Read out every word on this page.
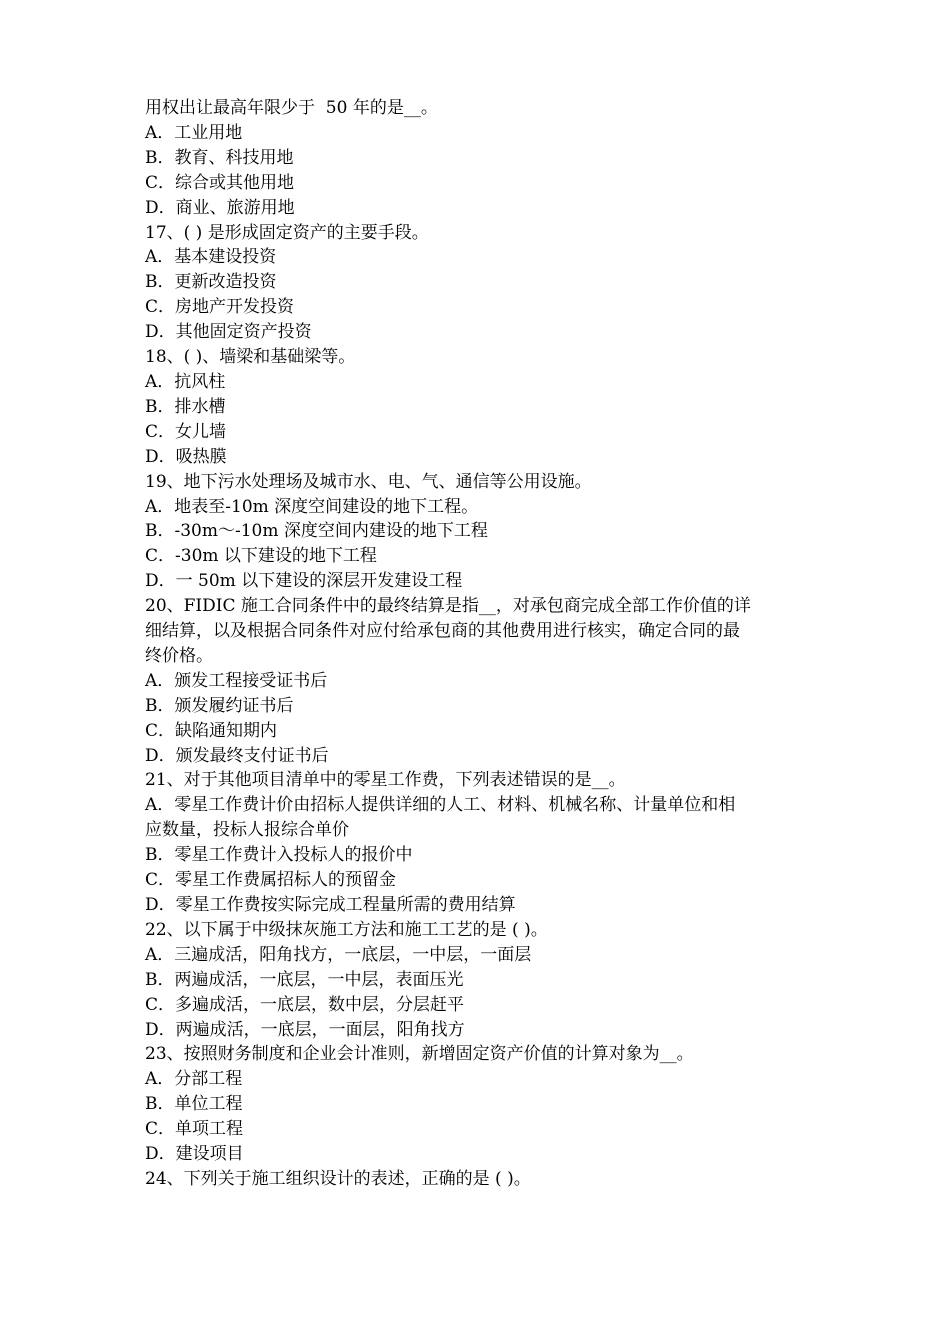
用权出让最高年限少于  50 年的是__。
A．工业用地
B．教育、科技用地
C．综合或其他用地
D．商业、旅游用地
17、( ) 是形成固定资产的主要手段。
A．基本建设投资
B．更新改造投资
C．房地产开发投资
D．其他固定资产投资
18、( )、墙梁和基础梁等。
A．抗风柱
B．排水槽
C．女儿墙
D．吸热膜
19、地下污水处理场及城市水、电、气、通信等公用设施。
A．地表至-10m 深度空间建设的地下工程。
B．-30m～-10m 深度空间内建设的地下工程
C．-30m 以下建设的地下工程
D．一 50m 以下建设的深层开发建设工程
20、FIDIC 施工合同条件中的最终结算是指__，对承包商完成全部工作价值的详
细结算，以及根据合同条件对应付给承包商的其他费用进行核实，确定合同的最
终价格。
A．颁发工程接受证书后
B．颁发履约证书后
C．缺陷通知期内
D．颁发最终支付证书后
21、对于其他项目清单中的零星工作费，下列表述错误的是__。
A．零星工作费计价由招标人提供详细的人工、材料、机械名称、计量单位和相
应数量，投标人报综合单价
B．零星工作费计入投标人的报价中
C．零星工作费属招标人的预留金
D．零星工作费按实际完成工程量所需的费用结算
22、以下属于中级抹灰施工方法和施工工艺的是 ( )。
A．三遍成活，阳角找方，一底层，一中层，一面层
B．两遍成活，一底层，一中层，表面压光
C．多遍成活，一底层，数中层，分层赶平
D．两遍成活，一底层，一面层，阳角找方
23、按照财务制度和企业会计准则，新增固定资产价值的计算对象为__。
A．分部工程
B．单位工程
C．单项工程
D．建设项目
24、下列关于施工组织设计的表述，正确的是 ( )。
